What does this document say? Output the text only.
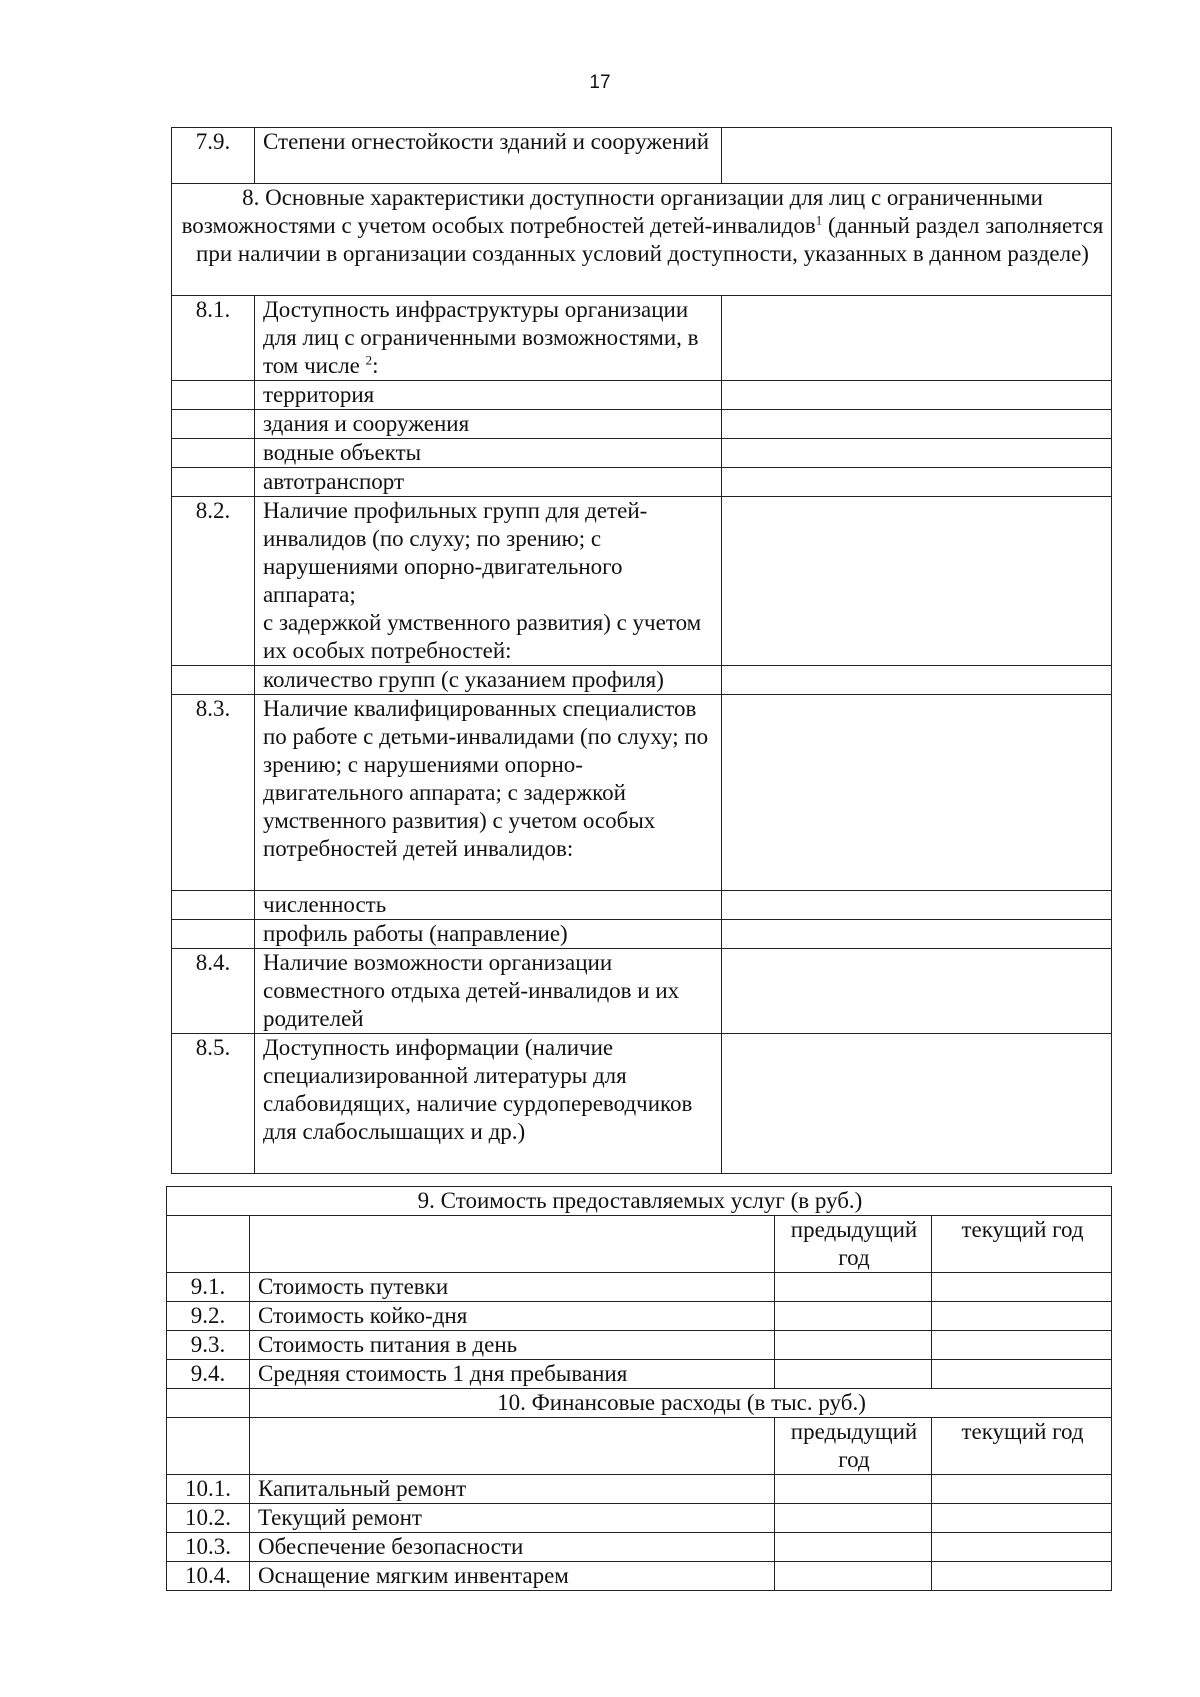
17
7.9.	Степени огнестойкости зданий и сооружений	
8. Основные характеристики доступности организации для лиц с ограниченными возможностями с учетом особых потребностей детей-инвалидов$^1$ (данный раздел заполняется при наличии в организации созданных условий доступности, указанных в данном разделе)		
8.1.	Доступность инфраструктуры организации для лиц с ограниченными возможностями, в том числе $^2$:	
	территория	
	здания и сооружения	
	водные объекты	
	автотранспорт	
8.2.	Наличие профильных групп для детей-инвалидов (по слуху; по зрению; с нарушениями опорно-двигательного аппарата;
с задержкой умственного развития) с учетом их особых потребностей:	

	количество групп (с указанием профиля)	
8.3.	Наличие квалифицированных специалистов по работе с детьми-инвалидами (по слуху; по зрению; с нарушениями опорно-двигательного аппарата; с задержкой умственного развития) с учетом особых потребностей детей инвалидов:	
	численность	
	профиль работы (направление)	
8.4.	Наличие возможности организации совместного отдыха детей-инвалидов и их родителей	
8.5.	Доступность информации (наличие специализированной литературы для слабовидящих, наличие сурдопереводчиков для слабослышащих и др.)	
9. Стоимость предоставляемых услуг (в руб.)			
		предыдущий год	текущий год
9.1.	Стоимость путевки		
9.2.	Стоимость койко-дня		
9.3.	Стоимость питания в день		
9.4.	Средняя стоимость 1 дня пребывания		
	10. Финансовые расходы (в тыс. руб.)		
		предыдущий год	текущий год
10.1.	Капитальный ремонт		
10.2.	Текущий ремонт		
10.3.	Обеспечение безопасности		
10.4.	Оснащение мягким инвентарем		
